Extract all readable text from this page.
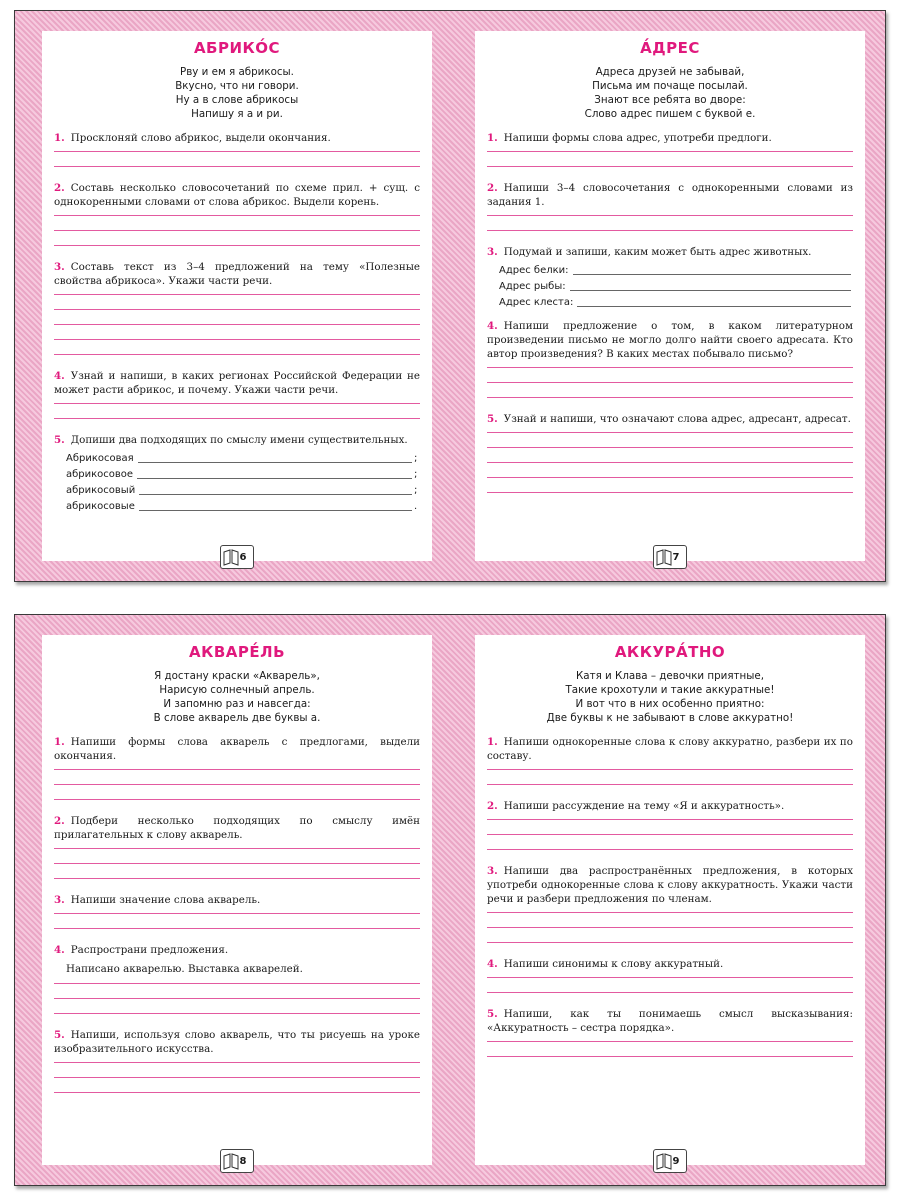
АБРИКО́С
Рву и ем я абрикосы.
Вкусно, что ни говори.
Ну а в слове абрикосы
Напишу я а и ри.
1. Просклоняй слово абрикос, выдели окончания.
2. Составь несколько словосочетаний по схеме прил. + сущ. с однокоренными словами от слова абрикос. Выдели корень.
3. Составь текст из 3–4 предложений на тему «Полезные свойства абрикоса». Укажи части речи.
4. Узнай и напиши, в каких регионах Российской Федерации не может расти абрикос, и почему. Укажи части речи.
5. Допиши два подходящих по смыслу имени существительных.
Абрикосовая	;
абрикосовое	;
абрикосовый	;
абрикосовые	.
6
А́ДРЕС
Адреса друзей не забывай,
Письма им почаще посылай.
Знают все ребята во дворе:
Слово адрес пишем с буквой е.
1. Напиши формы слова адрес, употреби предлоги.
2. Напиши 3–4 словосочетания с однокоренными словами из задания 1.
3. Подумай и запиши, каким может быть адрес животных.
Адрес белки:
Адрес рыбы:
Адрес клеста:
4. Напиши предложение о том, в каком литературном произведении письмо не могло долго найти своего адресата. Кто автор произведения? В каких местах побывало письмо?
5. Узнай и напиши, что означают слова адрес, адресант, адресат.
7
АКВАРЕ́ЛЬ
Я достану краски «Акварель»,
Нарисую солнечный апрель.
И запомню раз и навсегда:
В слове акварель две буквы а.
1. Напиши формы слова акварель с предлогами, выдели окончания.
2. Подбери несколько подходящих по смыслу имён прилагательных к слову акварель.
3. Напиши значение слова акварель.
4. Распространи предложения.
Написано акварелью. Выставка акварелей.
5. Напиши, используя слово акварель, что ты рисуешь на уроке изобразительного искусства.
8
АККУРА́ТНО
Катя и Клава – девочки приятные,
Такие крохотули и такие аккуратные!
И вот что в них особенно приятно:
Две буквы к не забывают в слове аккуратно!
1. Напиши однокоренные слова к слову аккуратно, разбери их по составу.
2. Напиши рассуждение на тему «Я и аккуратность».
3. Напиши два распространённых предложения, в которых употреби однокоренные слова к слову аккуратность. Укажи части речи и разбери предложения по членам.
4. Напиши синонимы к слову аккуратный.
5. Напиши, как ты понимаешь смысл высказывания: «Аккуратность – сестра порядка».
9
